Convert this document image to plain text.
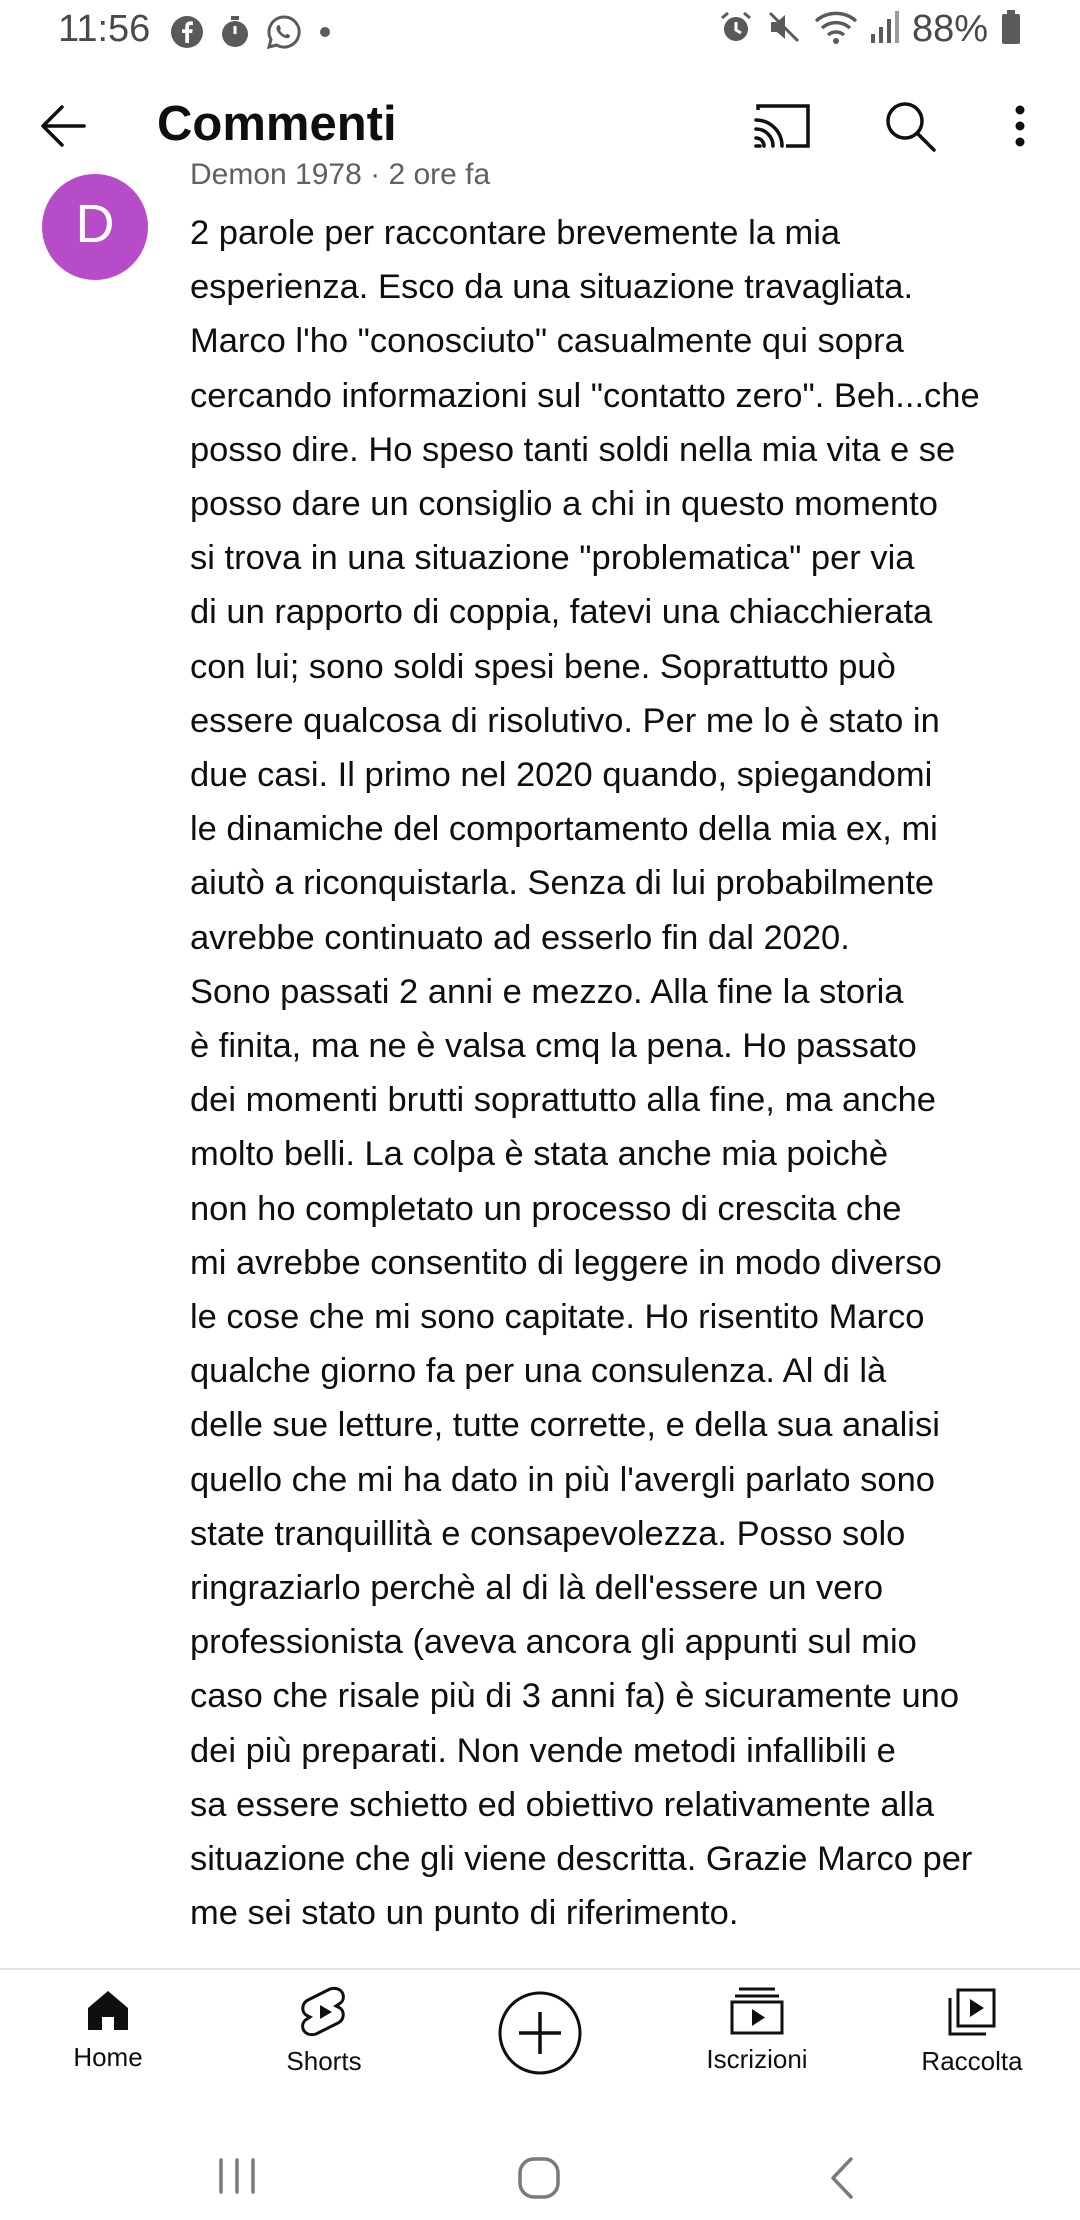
11:56	88%
Commenti
D
Demon 1978 · 2 ore fa

2 parole per raccontare brevemente la mia
esperienza. Esco da una situazione travagliata.
Marco l'ho "conosciuto" casualmente qui sopra
cercando informazioni sul "contatto zero". Beh...che
posso dire. Ho speso tanti soldi nella mia vita e se
posso dare un consiglio a chi in questo momento
si trova in una situazione "problematica" per via
di un rapporto di coppia, fatevi una chiacchierata
con lui; sono soldi spesi bene. Soprattutto può
essere qualcosa di risolutivo. Per me lo è stato in
due casi. Il primo nel 2020 quando, spiegandomi
le dinamiche del comportamento della mia ex, mi
aiutò a riconquistarla. Senza di lui probabilmente
avrebbe continuato ad esserlo fin dal 2020.
Sono passati 2 anni e mezzo. Alla fine la storia
è finita, ma ne è valsa cmq la pena. Ho passato
dei momenti brutti soprattutto alla fine, ma anche
molto belli. La colpa è stata anche mia poichè
non ho completato un processo di crescita che
mi avrebbe consentito di leggere in modo diverso
le cose che mi sono capitate. Ho risentito Marco
qualche giorno fa per una consulenza. Al di là
delle sue letture, tutte corrette, e della sua analisi
quello che mi ha dato in più l'avergli parlato sono
state tranquillità e consapevolezza. Posso solo
ringraziarlo perchè al di là dell'essere un vero
professionista (aveva ancora gli appunti sul mio
caso che risale più di 3 anni fa) è sicuramente uno
dei più preparati. Non vende metodi infallibili e
sa essere schietto ed obiettivo relativamente alla
situazione che gli viene descritta. Grazie Marco per
me sei stato un punto di riferimento.

Home	Shorts	Iscrizioni	Raccolta
